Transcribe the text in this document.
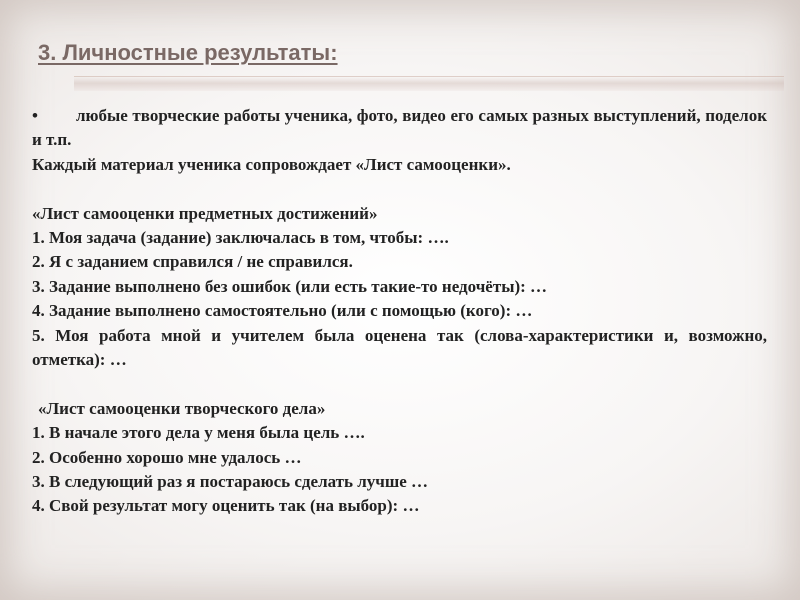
3. Личностные результаты:

• любые творческие работы ученика, фото, видео его самых разных выступлений, поделок и т.п.

Каждый материал ученика сопровождает «Лист самооценки».

«Лист самооценки предметных достижений»

1. Моя задача (задание) заключалась в том, чтобы: ….

2. Я с заданием справился / не справился.

3. Задание выполнено без ошибок (или есть такие-то недочёты): …

4. Задание выполнено самостоятельно (или с помощью (кого): …

5. Моя работа мной и учителем была оценена так (слова-характеристики и, возможно, отметка): …

«Лист самооценки творческого дела»

1. В начале этого дела у меня была цель ….

2. Особенно хорошо мне удалось …

3. В следующий раз я постараюсь сделать лучше …

4. Свой результат могу оценить так (на выбор): …
